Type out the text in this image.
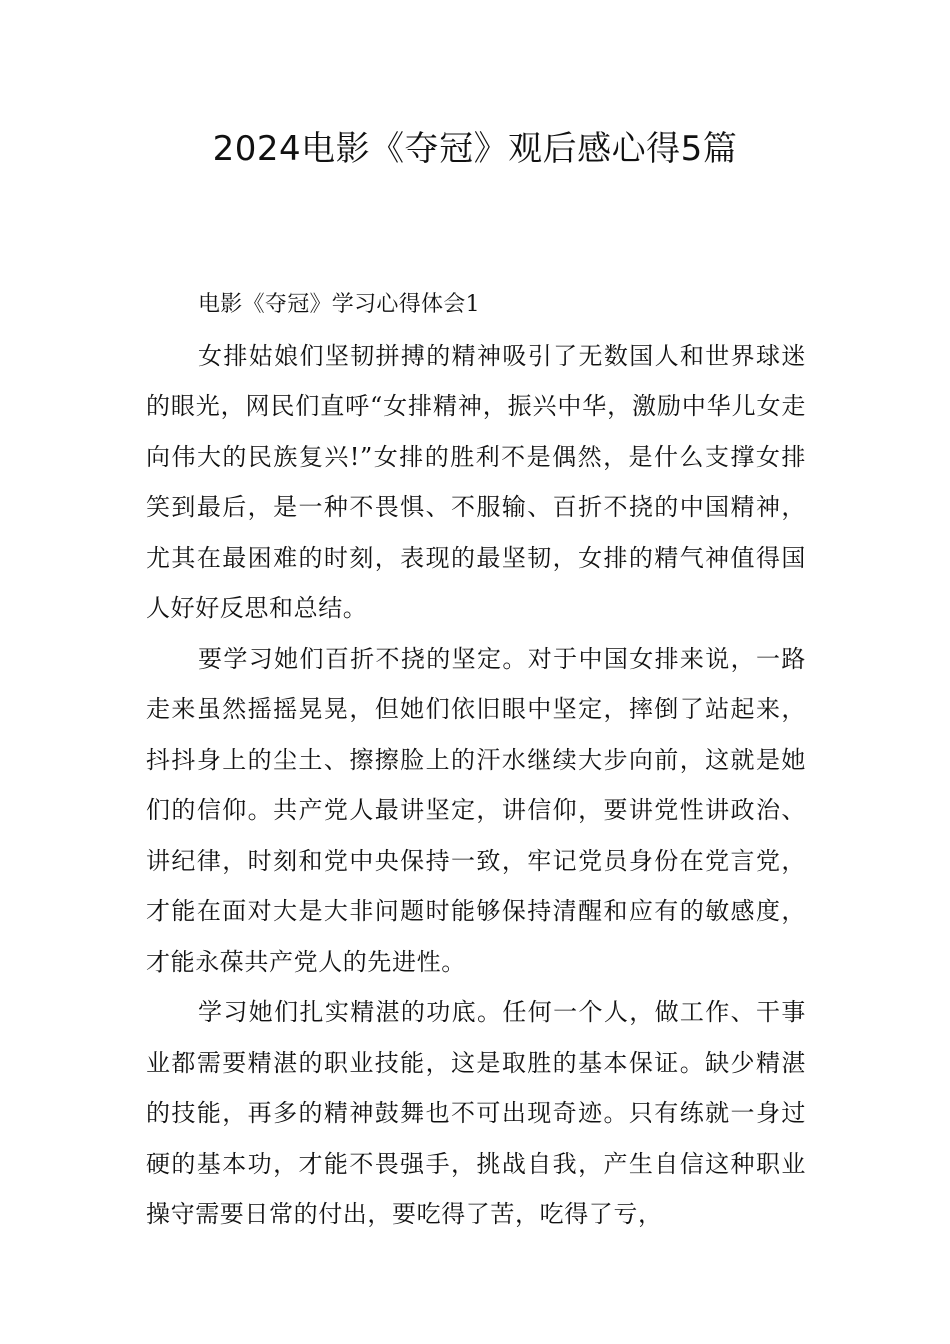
2024电影《夺冠》观后感心得5篇

电影《夺冠》学习心得体会1

女排姑娘们坚韧拼搏的精神吸引了无数国人和世界球迷的眼光，网民们直呼“女排精神，振兴中华，激励中华儿女走向伟大的民族复兴!”女排的胜利不是偶然，是什么支撑女排笑到最后，是一种不畏惧、不服输、百折不挠的中国精神，尤其在最困难的时刻，表现的最坚韧，女排的精气神值得国人好好反思和总结。

要学习她们百折不挠的坚定。对于中国女排来说，一路走来虽然摇摇晃晃，但她们依旧眼中坚定，摔倒了站起来，抖抖身上的尘土、擦擦脸上的汗水继续大步向前，这就是她们的信仰。共产党人最讲坚定，讲信仰，要讲党性讲政治、讲纪律，时刻和党中央保持一致，牢记党员身份在党言党，才能在面对大是大非问题时能够保持清醒和应有的敏感度，才能永葆共产党人的先进性。

学习她们扎实精湛的功底。任何一个人，做工作、干事业都需要精湛的职业技能，这是取胜的基本保证。缺少精湛的技能，再多的精神鼓舞也不可出现奇迹。只有练就一身过硬的基本功，才能不畏强手，挑战自我，产生自信这种职业操守需要日常的付出，要吃得了苦，吃得了亏，
